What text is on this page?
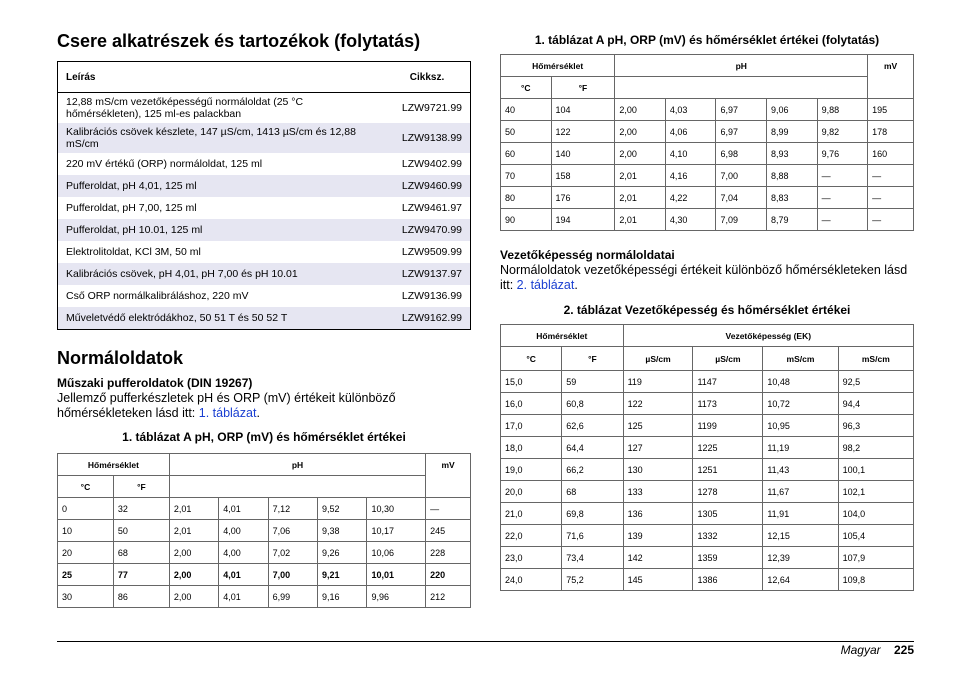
Csere alkatrészek és tartozékok (folytatás)
Leírás	Cikksz.
12,88 mS/cm vezetőképességű normáloldat (25 °C hőmérsékleten), 125 ml-es palackban	LZW9721.99
Kalibrációs csövek készlete, 147 µS/cm, 1413 µS/cm és 12,88 mS/cm	LZW9138.99
220 mV értékű (ORP) normáloldat, 125 ml	LZW9402.99
Pufferoldat, pH 4,01, 125 ml	LZW9460.99
Pufferoldat, pH 7,00, 125 ml	LZW9461.97
Pufferoldat, pH 10.01, 125 ml	LZW9470.99
Elektrolitoldat, KCl 3M, 50 ml	LZW9509.99
Kalibrációs csövek, pH 4,01, pH 7,00 és pH 10.01	LZW9137.97
Cső ORP normálkalibráláshoz, 220 mV	LZW9136.99
Műveletvédő elektródákhoz, 50 51 T és 50 52 T	LZW9162.99
Normáloldatok
Műszaki pufferoldatok (DIN 19267)
Jellemző pufferkészletek pH és ORP (mV) értékeit különböző hőmérsékleteken lásd itt: 1. táblázat.
1. táblázat A pH, ORP (mV) és hőmérséklet értékei
Hőmérséklet		pH					mV
°C	°F						
0	32	2,01	4,01	7,12	9,52	10,30	—
10	50	2,01	4,00	7,06	9,38	10,17	245
20	68	2,00	4,00	7,02	9,26	10,06	228
25	77	2,00	4,01	7,00	9,21	10,01	220
30	86	2,00	4,01	6,99	9,16	9,96	212
1. táblázat A pH, ORP (mV) és hőmérséklet értékei (folytatás)
Hőmérséklet		pH					mV
°C	°F						
40	104	2,00	4,03	6,97	9,06	9,88	195
50	122	2,00	4,06	6,97	8,99	9,82	178
60	140	2,00	4,10	6,98	8,93	9,76	160
70	158	2,01	4,16	7,00	8,88	—	—
80	176	2,01	4,22	7,04	8,83	—	—
90	194	2,01	4,30	7,09	8,79	—	—
Vezetőképesség normáloldatai
Normáloldatok vezetőképességi értékeit különböző hőmérsékleteken lásd itt: 2. táblázat.
2. táblázat Vezetőképesség és hőmérséklet értékei
Hőmérséklet		Vezetőképesség (EK)			
°C	°F	µS/cm	µS/cm	mS/cm	mS/cm
15,0	59	119	1147	10,48	92,5
16,0	60,8	122	1173	10,72	94,4
17,0	62,6	125	1199	10,95	96,3
18,0	64,4	127	1225	11,19	98,2
19,0	66,2	130	1251	11,43	100,1
20,0	68	133	1278	11,67	102,1
21,0	69,8	136	1305	11,91	104,0
22,0	71,6	139	1332	12,15	105,4
23,0	73,4	142	1359	12,39	107,9
24,0	75,2	145	1386	12,64	109,8
Magyar 225
